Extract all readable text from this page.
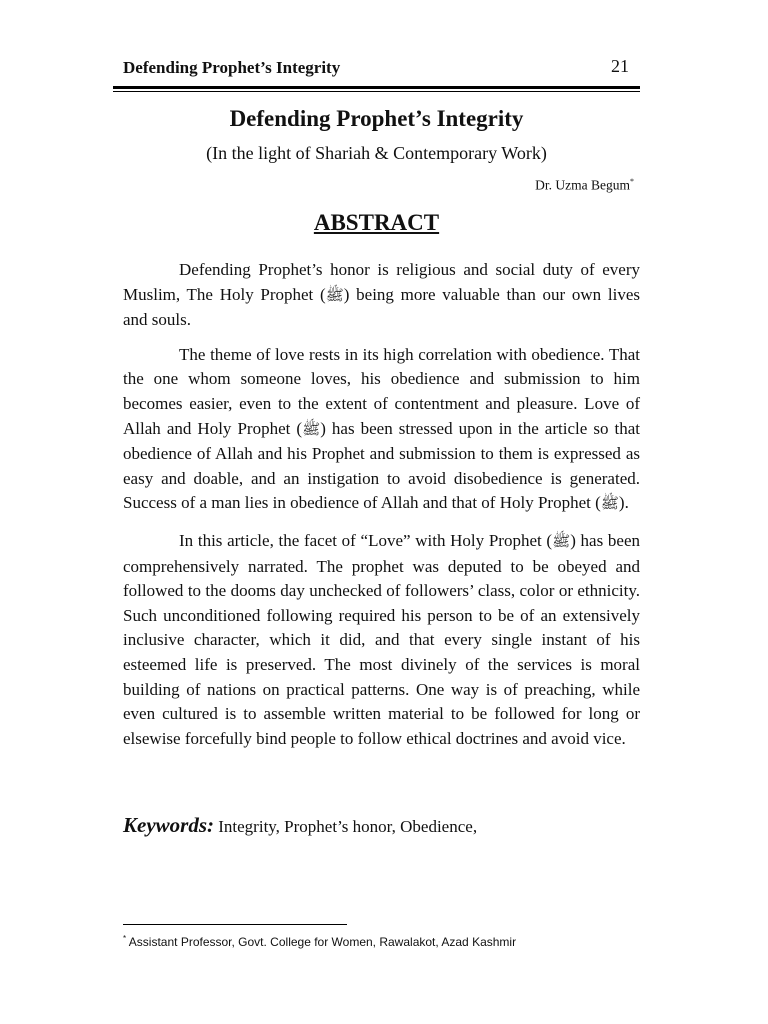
Defending Prophet’s Integrity	21
Defending Prophet’s Integrity
(In the light of Shariah & Contemporary Work)
Dr. Uzma Begum*
ABSTRACT

Defending Prophet’s honor is religious and social duty of every Muslim, The Holy Prophet (ﷺ) being more valuable than our own lives and souls.

The theme of love rests in its high correlation with obedience. That the one whom someone loves, his obedience and submission to him becomes easier, even to the extent of contentment and pleasure. Love of Allah and Holy Prophet (ﷺ) has been stressed upon in the article so that obedience of Allah and his Prophet and submission to them is expressed as easy and doable, and an instigation to avoid disobedience is generated. Success of a man lies in obedience of Allah and that of Holy Prophet (ﷺ).

In this article, the facet of “Love” with Holy Prophet (ﷺ) has been comprehensively narrated. The prophet was deputed to be obeyed and followed to the dooms day unchecked of followers’ class, color or ethnicity. Such unconditioned following required his person to be of an extensively inclusive character, which it did, and that every single instant of his esteemed life is preserved. The most divinely of the services is moral building of nations on practical patterns. One way is of preaching, while even cultured is to assemble written material to be followed for long or elsewise forcefully bind people to follow ethical doctrines and avoid vice.

Keywords: Integrity, Prophet’s honor, Obedience,
* Assistant Professor, Govt. College for Women, Rawalakot, Azad Kashmir
